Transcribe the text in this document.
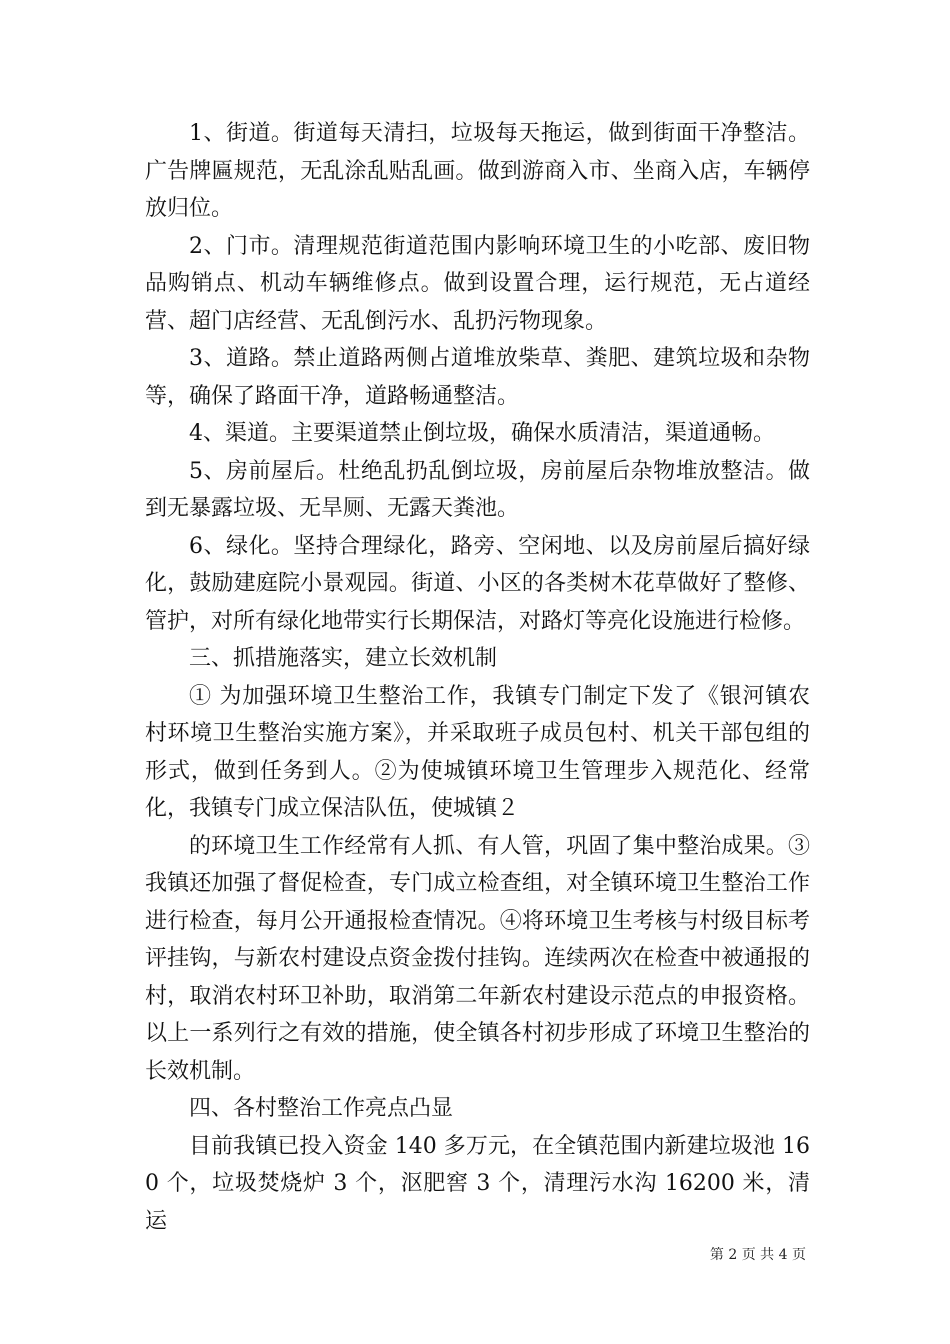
1、街道。街道每天清扫，垃圾每天拖运，做到街面干净整洁。广告牌匾规范，无乱涂乱贴乱画。做到游商入市、坐商入店，车辆停放归位。

2、门市。清理规范街道范围内影响环境卫生的小吃部、废旧物品购销点、机动车辆维修点。做到设置合理，运行规范，无占道经营、超门店经营、无乱倒污水、乱扔污物现象。

3、道路。禁止道路两侧占道堆放柴草、粪肥、建筑垃圾和杂物等，确保了路面干净，道路畅通整洁。

4、渠道。主要渠道禁止倒垃圾，确保水质清洁，渠道通畅。

5、房前屋后。杜绝乱扔乱倒垃圾，房前屋后杂物堆放整洁。做到无暴露垃圾、无旱厕、无露天粪池。

6、绿化。坚持合理绿化，路旁、空闲地、以及房前屋后搞好绿化，鼓励建庭院小景观园。街道、小区的各类树木花草做好了整修、管护，对所有绿化地带实行长期保洁，对路灯等亮化设施进行检修。

三、抓措施落实，建立长效机制

① 为加强环境卫生整治工作，我镇专门制定下发了《银河镇农村环境卫生整治实施方案》，并采取班子成员包村、机关干部包组的形式，做到任务到人。②为使城镇环境卫生管理步入规范化、经常化，我镇专门成立保洁队伍，使城镇２

的环境卫生工作经常有人抓、有人管，巩固了集中整治成果。③我镇还加强了督促检查，专门成立检查组，对全镇环境卫生整治工作进行检查，每月公开通报检查情况。④将环境卫生考核与村级目标考评挂钩，与新农村建设点资金拨付挂钩。连续两次在检查中被通报的村，取消农村环卫补助，取消第二年新农村建设示范点的申报资格。以上一系列行之有效的措施，使全镇各村初步形成了环境卫生整治的长效机制。

四、各村整治工作亮点凸显

目前我镇已投入资金 140 多万元，在全镇范围内新建垃圾池 160 个，垃圾焚烧炉 3 个，沤肥窖 3 个，清理污水沟 16200 米，清运

第 2 页 共 4 页
